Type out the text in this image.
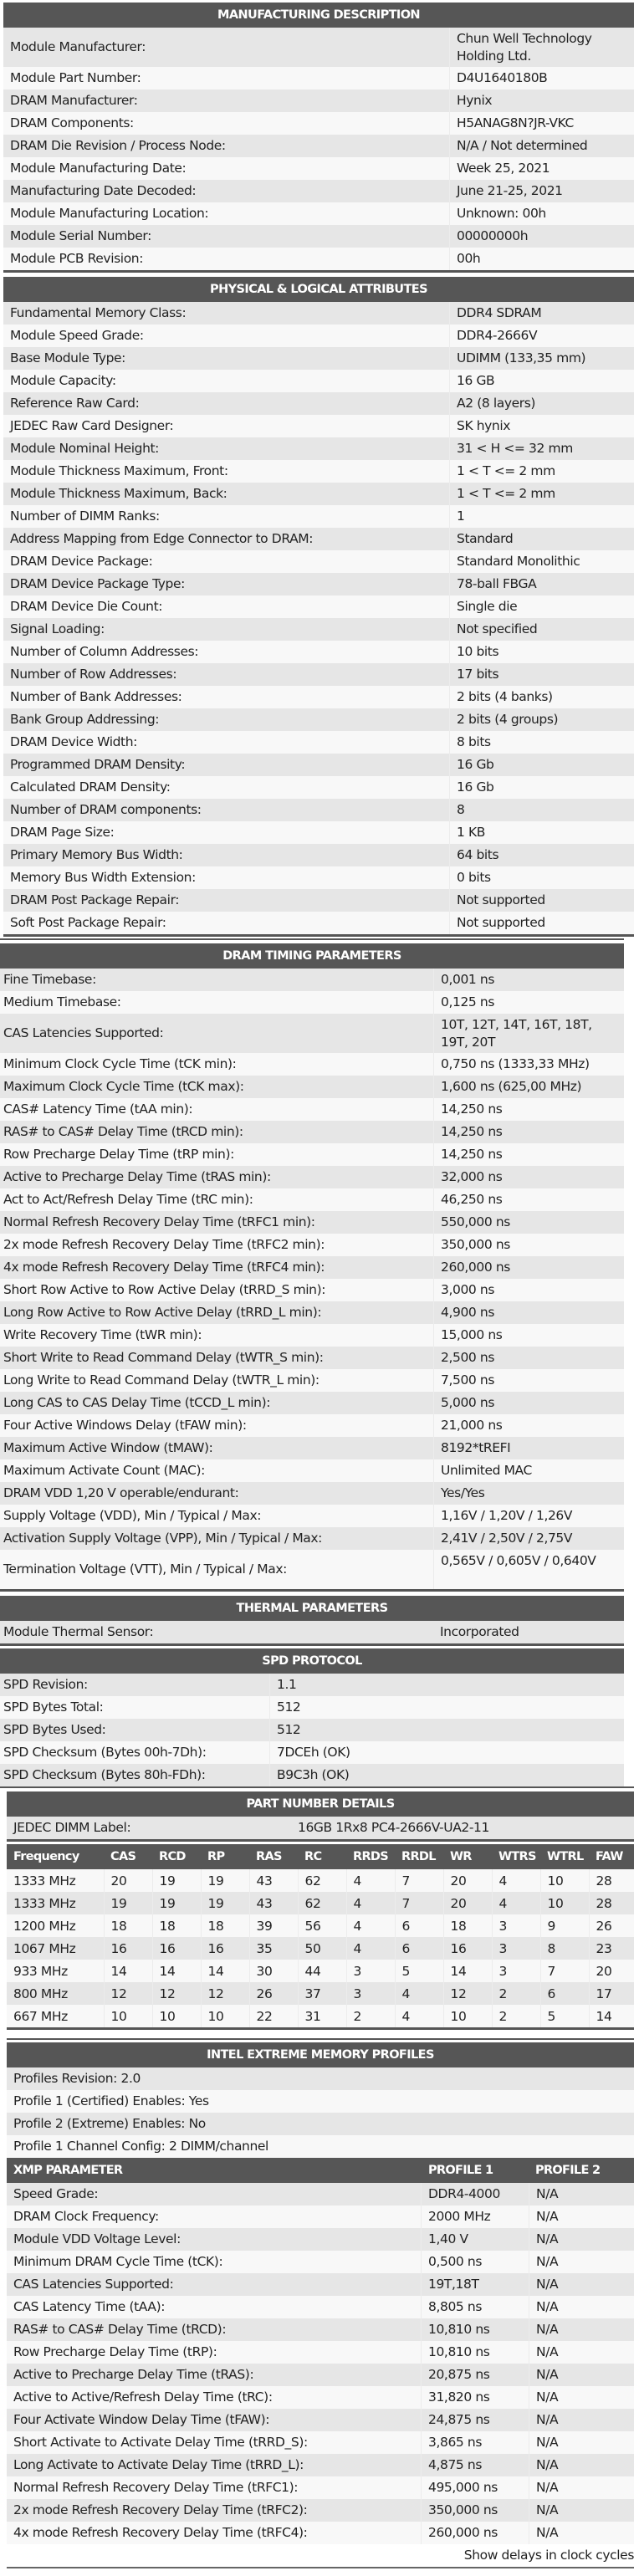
MANUFACTURING DESCRIPTION
Module Manufacturer:
Chun Well Technology Holding Ltd.
Module Part Number:	D4U1640180B
DRAM Manufacturer:	Hynix
DRAM Components:	H5ANAG8N?JR-VKC
DRAM Die Revision / Process Node:	N/A / Not determined
Module Manufacturing Date:	Week 25, 2021
Manufacturing Date Decoded:	June 21-25, 2021
Module Manufacturing Location:	Unknown: 00h
Module Serial Number:	00000000h
Module PCB Revision:	00h
PHYSICAL & LOGICAL ATTRIBUTES
Fundamental Memory Class:	DDR4 SDRAM
Module Speed Grade:	DDR4-2666V
Base Module Type:	UDIMM (133,35 mm)
Module Capacity:	16 GB
Reference Raw Card:	A2 (8 layers)
JEDEC Raw Card Designer:	SK hynix
Module Nominal Height:	31 < H <= 32 mm
Module Thickness Maximum, Front:	1 < T <= 2 mm
Module Thickness Maximum, Back:	1 < T <= 2 mm
Number of DIMM Ranks:	1
Address Mapping from Edge Connector to DRAM:	Standard
DRAM Device Package:	Standard Monolithic
DRAM Device Package Type:	78-ball FBGA
DRAM Device Die Count:	Single die
Signal Loading:	Not specified
Number of Column Addresses:	10 bits
Number of Row Addresses:	17 bits
Number of Bank Addresses:	2 bits (4 banks)
Bank Group Addressing:	2 bits (4 groups)
DRAM Device Width:	8 bits
Programmed DRAM Density:	16 Gb
Calculated DRAM Density:	16 Gb
Number of DRAM components:	8
DRAM Page Size:	1 KB
Primary Memory Bus Width:	64 bits
Memory Bus Width Extension:	0 bits
DRAM Post Package Repair:	Not supported
Soft Post Package Repair:	Not supported
DRAM TIMING PARAMETERS
Fine Timebase:	0,001 ns
Medium Timebase:	0,125 ns
CAS Latencies Supported:
10T, 12T, 14T, 16T, 18T, 19T, 20T
Minimum Clock Cycle Time (tCK min):	0,750 ns (1333,33 MHz)
Maximum Clock Cycle Time (tCK max):	1,600 ns (625,00 MHz)
CAS# Latency Time (tAA min):	14,250 ns
RAS# to CAS# Delay Time (tRCD min):	14,250 ns
Row Precharge Delay Time (tRP min):	14,250 ns
Active to Precharge Delay Time (tRAS min):	32,000 ns
Act to Act/Refresh Delay Time (tRC min):	46,250 ns
Normal Refresh Recovery Delay Time (tRFC1 min):	550,000 ns
2x mode Refresh Recovery Delay Time (tRFC2 min):	350,000 ns
4x mode Refresh Recovery Delay Time (tRFC4 min):	260,000 ns
Short Row Active to Row Active Delay (tRRD_S min):	3,000 ns
Long Row Active to Row Active Delay (tRRD_L min):	4,900 ns
Write Recovery Time (tWR min):	15,000 ns
Short Write to Read Command Delay (tWTR_S min):	2,500 ns
Long Write to Read Command Delay (tWTR_L min):	7,500 ns
Long CAS to CAS Delay Time (tCCD_L min):	5,000 ns
Four Active Windows Delay (tFAW min):	21,000 ns
Maximum Active Window (tMAW):	8192*tREFI
Maximum Activate Count (MAC):	Unlimited MAC
DRAM VDD 1,20 V operable/endurant:	Yes/Yes
Supply Voltage (VDD), Min / Typical / Max:	1,16V / 1,20V / 1,26V
Activation Supply Voltage (VPP), Min / Typical / Max:	2,41V / 2,50V / 2,75V
Termination Voltage (VTT), Min / Typical / Max:
0,565V / 0,605V / 0,640V
THERMAL PARAMETERS
Module Thermal Sensor:	Incorporated
SPD PROTOCOL
SPD Revision:	1.1
SPD Bytes Total:	512
SPD Bytes Used:	512
SPD Checksum (Bytes 00h-7Dh):	7DCEh (OK)
SPD Checksum (Bytes 80h-FDh):	B9C3h (OK)
PART NUMBER DETAILS
JEDEC DIMM Label:	16GB 1Rx8 PC4-2666V-UA2-11
Frequency	CAS	RCD	RP	RAS	RC	RRDS	RRDL	WR	WTRS	WTRL	FAW
1333 MHz	20	19	19	43	62	4	7	20	4	10	28
1333 MHz	19	19	19	43	62	4	7	20	4	10	28
1200 MHz	18	18	18	39	56	4	6	18	3	9	26
1067 MHz	16	16	16	35	50	4	6	16	3	8	23
933 MHz	14	14	14	30	44	3	5	14	3	7	20
800 MHz	12	12	12	26	37	3	4	12	2	6	17
667 MHz	10	10	10	22	31	2	4	10	2	5	14
INTEL EXTREME MEMORY PROFILES
Profiles Revision: 2.0
Profile 1 (Certified) Enables: Yes
Profile 2 (Extreme) Enables: No
Profile 1 Channel Config: 2 DIMM/channel
XMP PARAMETER	PROFILE 1	PROFILE 2
Speed Grade:	DDR4-4000	N/A
DRAM Clock Frequency:	2000 MHz	N/A
Module VDD Voltage Level:	1,40 V	N/A
Minimum DRAM Cycle Time (tCK):	0,500 ns	N/A
CAS Latencies Supported:	19T,18T	N/A
CAS Latency Time (tAA):	8,805 ns	N/A
RAS# to CAS# Delay Time (tRCD):	10,810 ns	N/A
Row Precharge Delay Time (tRP):	10,810 ns	N/A
Active to Precharge Delay Time (tRAS):	20,875 ns	N/A
Active to Active/Refresh Delay Time (tRC):	31,820 ns	N/A
Four Activate Window Delay Time (tFAW):	24,875 ns	N/A
Short Activate to Activate Delay Time (tRRD_S):	3,865 ns	N/A
Long Activate to Activate Delay Time (tRRD_L):	4,875 ns	N/A
Normal Refresh Recovery Delay Time (tRFC1):	495,000 ns	N/A
2x mode Refresh Recovery Delay Time (tRFC2):	350,000 ns	N/A
4x mode Refresh Recovery Delay Time (tRFC4):	260,000 ns	N/A
Show delays in clock cycles
